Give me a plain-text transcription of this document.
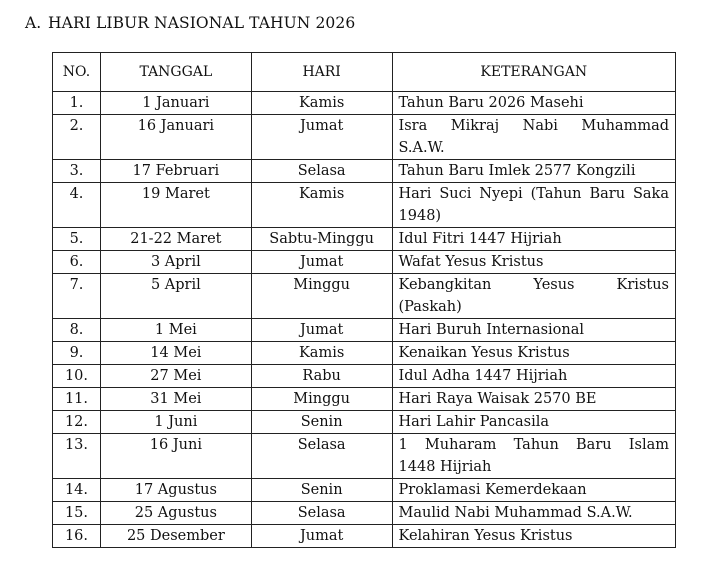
A. HARI LIBUR NASIONAL TAHUN 2026
NO.	TANGGAL	HARI	KETERANGAN
1.	1 Januari	Kamis	Tahun Baru 2026 Masehi
2.	16 Januari	Jumat	Isra Mikraj Nabi Muhammad
S.A.W.
3.	17 Februari	Selasa	Tahun Baru Imlek 2577 Kongzili
4.	19 Maret	Kamis	Hari Suci Nyepi (Tahun Baru Saka
1948)
5.	21-22 Maret	Sabtu-Minggu	Idul Fitri 1447 Hijriah
6.	3 April	Jumat	Wafat Yesus Kristus
7.	5 April	Minggu	Kebangkitan Yesus Kristus
(Paskah)
8.	1 Mei	Jumat	Hari Buruh Internasional
9.	14 Mei	Kamis	Kenaikan Yesus Kristus
10.	27 Mei	Rabu	Idul Adha 1447 Hijriah
11.	31 Mei	Minggu	Hari Raya Waisak 2570 BE
12.	1 Juni	Senin	Hari Lahir Pancasila
13.	16 Juni	Selasa	1 Muharam Tahun Baru Islam
1448 Hijriah
14.	17 Agustus	Senin	Proklamasi Kemerdekaan
15.	25 Agustus	Selasa	Maulid Nabi Muhammad S.A.W.
16.	25 Desember	Jumat	Kelahiran Yesus Kristus
